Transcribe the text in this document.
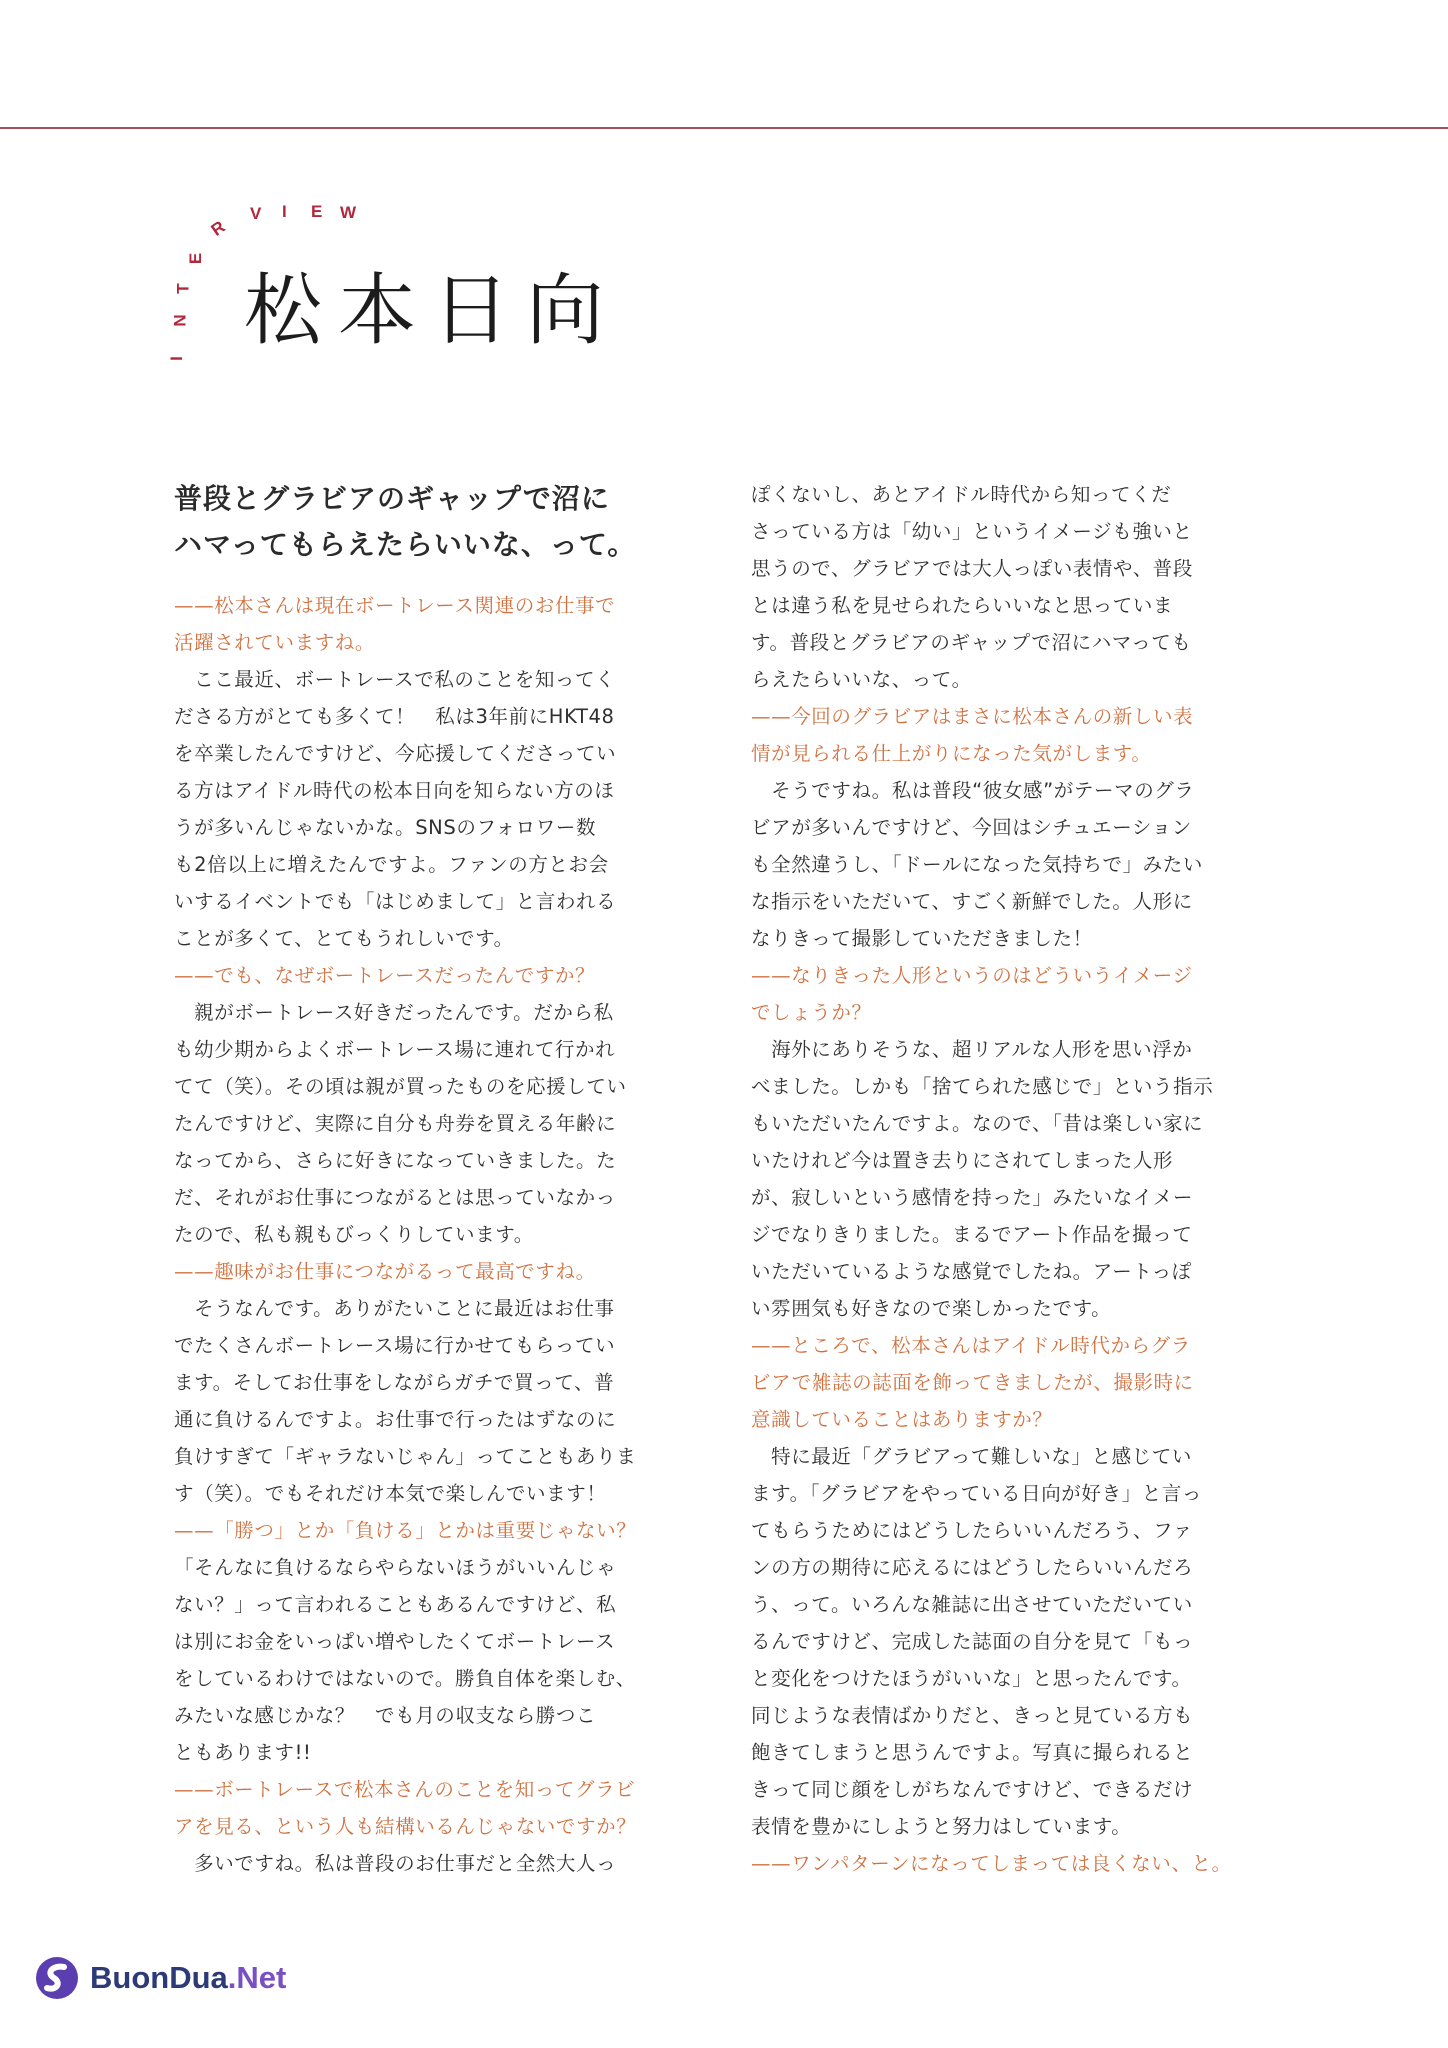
I
N
T
E
R
V I E W
松本日向
普段とグラビアのギャップで沼に
ハマってもらえたらいいな、って。
——松本さんは現在ボートレース関連のお仕事で
活躍されていますね。
　ここ最近、ボートレースで私のことを知ってく
ださる方がとても多くて！　私は3年前にHKT48
を卒業したんですけど、今応援してくださってい
る方はアイドル時代の松本日向を知らない方のほ
うが多いんじゃないかな。SNSのフォロワー数
も2倍以上に増えたんですよ。ファンの方とお会
いするイベントでも「はじめまして」と言われる
ことが多くて、とてもうれしいです。
——でも、なぜボートレースだったんですか？
　親がボートレース好きだったんです。だから私
も幼少期からよくボートレース場に連れて行かれ
てて（笑）。その頃は親が買ったものを応援してい
たんですけど、実際に自分も舟券を買える年齢に
なってから、さらに好きになっていきました。た
だ、それがお仕事につながるとは思っていなかっ
たので、私も親もびっくりしています。
——趣味がお仕事につながるって最高ですね。
　そうなんです。ありがたいことに最近はお仕事
でたくさんボートレース場に行かせてもらってい
ます。そしてお仕事をしながらガチで買って、普
通に負けるんですよ。お仕事で行ったはずなのに
負けすぎて「ギャラないじゃん」ってこともありま
す（笑）。でもそれだけ本気で楽しんでいます！
——「勝つ」とか「負ける」とかは重要じゃない？
「そんなに負けるならやらないほうがいいんじゃ
ない？」って言われることもあるんですけど、私
は別にお金をいっぱい増やしたくてボートレース
をしているわけではないので。勝負自体を楽しむ、
みたいな感じかな？　でも月の収支なら勝つこ
ともあります!!
——ボートレースで松本さんのことを知ってグラビ
アを見る、という人も結構いるんじゃないですか？
　多いですね。私は普段のお仕事だと全然大人っ
ぽくないし、あとアイドル時代から知ってくだ
さっている方は「幼い」というイメージも強いと
思うので、グラビアでは大人っぽい表情や、普段
とは違う私を見せられたらいいなと思っていま
す。普段とグラビアのギャップで沼にハマっても
らえたらいいな、って。
——今回のグラビアはまさに松本さんの新しい表
情が見られる仕上がりになった気がします。
　そうですね。私は普段“彼女感”がテーマのグラ
ビアが多いんですけど、今回はシチュエーション
も全然違うし、「ドールになった気持ちで」みたい
な指示をいただいて、すごく新鮮でした。人形に
なりきって撮影していただきました！
——なりきった人形というのはどういうイメージ
でしょうか？
　海外にありそうな、超リアルな人形を思い浮か
べました。しかも「捨てられた感じで」という指示
もいただいたんですよ。なので、「昔は楽しい家に
いたけれど今は置き去りにされてしまった人形
が、寂しいという感情を持った」みたいなイメー
ジでなりきりました。まるでアート作品を撮って
いただいているような感覚でしたね。アートっぽ
い雰囲気も好きなので楽しかったです。
——ところで、松本さんはアイドル時代からグラ
ビアで雑誌の誌面を飾ってきましたが、撮影時に
意識していることはありますか？
　特に最近「グラビアって難しいな」と感じてい
ます。「グラビアをやっている日向が好き」と言っ
てもらうためにはどうしたらいいんだろう、ファ
ンの方の期待に応えるにはどうしたらいいんだろ
う、って。いろんな雑誌に出させていただいてい
るんですけど、完成した誌面の自分を見て「もっ
と変化をつけたほうがいいな」と思ったんです。
同じような表情ばかりだと、きっと見ている方も
飽きてしまうと思うんですよ。写真に撮られると
きって同じ顔をしがちなんですけど、できるだけ
表情を豊かにしようと努力はしています。
——ワンパターンになってしまっては良くない、と。
BuonDua.Net
